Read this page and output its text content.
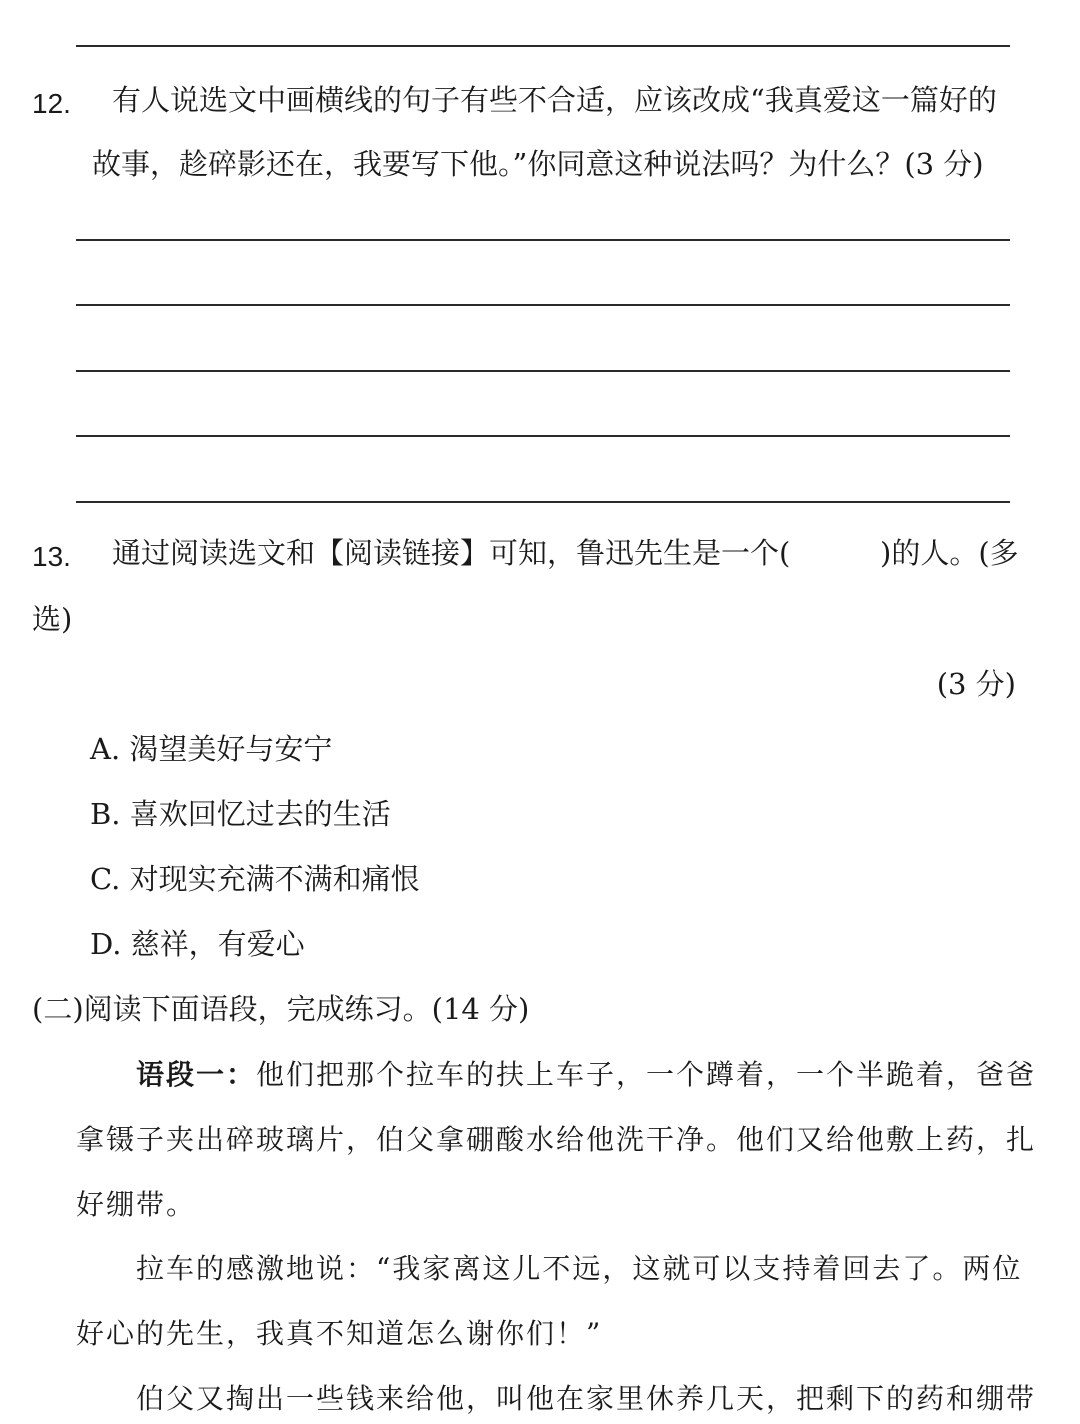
12. 有人说选文中画横线的句子有些不合适，应该改成“我真爱这一篇好的
故事，趁碎影还在，我要写下他。”你同意这种说法吗？为什么？(3 分)
13. 通过阅读选文和【阅读链接】可知，鲁迅先生是一个(	)的人。(多
选)
(3 分)
A. 渴望美好与安宁
B. 喜欢回忆过去的生活
C. 对现实充满不满和痛恨
D. 慈祥，有爱心
(二)阅读下面语段，完成练习。(14 分)
语段一：他们把那个拉车的扶上车子，一个蹲着，一个半跪着，爸爸
拿镊子夹出碎玻璃片，伯父拿硼酸水给他洗干净。他们又给他敷上药，扎
好绷带。
拉车的感激地说：“我家离这儿不远，这就可以支持着回去了。两位
好心的先生，我真不知道怎么谢你们！”
伯父又掏出一些钱来给他，叫他在家里休养几天，把剩下的药和绷带
